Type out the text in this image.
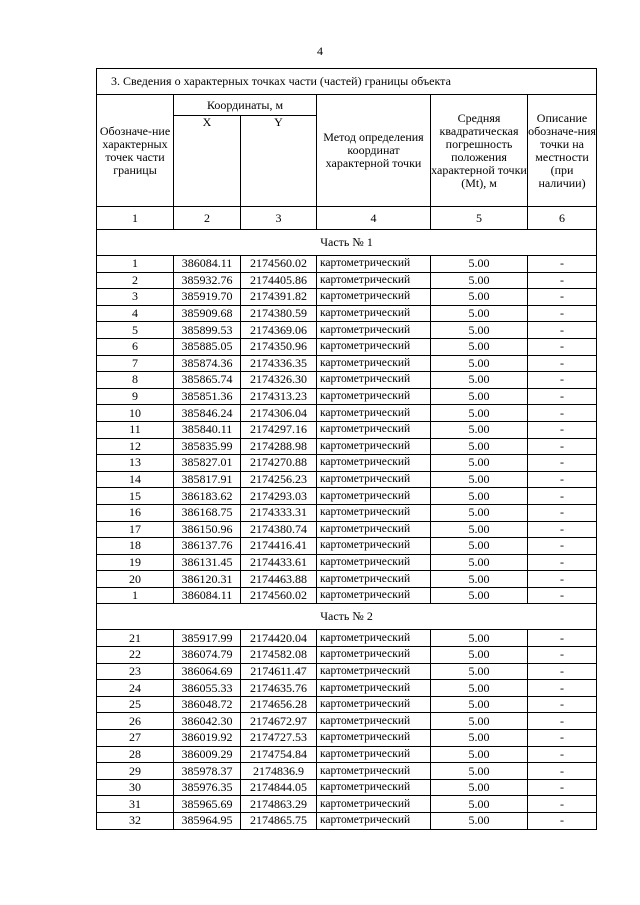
4
3. Сведения о характерных точках части (частей) границы объекта					
Обозначе-ние характерных точек части границы	Координаты, м		Метод определения координат характерной точки	Средняя квадратическая погрешность положения характерной точки (Mt), м	Описание обозначе-ния точки на местности (при наличии)
	X	Y			
1	2	3	4	5	6
Часть № 1					
1	386084.11	2174560.02	картометрический	5.00	-
2	385932.76	2174405.86	картометрический	5.00	-
3	385919.70	2174391.82	картометрический	5.00	-
4	385909.68	2174380.59	картометрический	5.00	-
5	385899.53	2174369.06	картометрический	5.00	-
6	385885.05	2174350.96	картометрический	5.00	-
7	385874.36	2174336.35	картометрический	5.00	-
8	385865.74	2174326.30	картометрический	5.00	-
9	385851.36	2174313.23	картометрический	5.00	-
10	385846.24	2174306.04	картометрический	5.00	-
11	385840.11	2174297.16	картометрический	5.00	-
12	385835.99	2174288.98	картометрический	5.00	-
13	385827.01	2174270.88	картометрический	5.00	-
14	385817.91	2174256.23	картометрический	5.00	-
15	386183.62	2174293.03	картометрический	5.00	-
16	386168.75	2174333.31	картометрический	5.00	-
17	386150.96	2174380.74	картометрический	5.00	-
18	386137.76	2174416.41	картометрический	5.00	-
19	386131.45	2174433.61	картометрический	5.00	-
20	386120.31	2174463.88	картометрический	5.00	-
1	386084.11	2174560.02	картометрический	5.00	-
Часть № 2					
21	385917.99	2174420.04	картометрический	5.00	-
22	386074.79	2174582.08	картометрический	5.00	-
23	386064.69	2174611.47	картометрический	5.00	-
24	386055.33	2174635.76	картометрический	5.00	-
25	386048.72	2174656.28	картометрический	5.00	-
26	386042.30	2174672.97	картометрический	5.00	-
27	386019.92	2174727.53	картометрический	5.00	-
28	386009.29	2174754.84	картометрический	5.00	-
29	385978.37	2174836.9	картометрический	5.00	-
30	385976.35	2174844.05	картометрический	5.00	-
31	385965.69	2174863.29	картометрический	5.00	-
32	385964.95	2174865.75	картометрический	5.00	-
